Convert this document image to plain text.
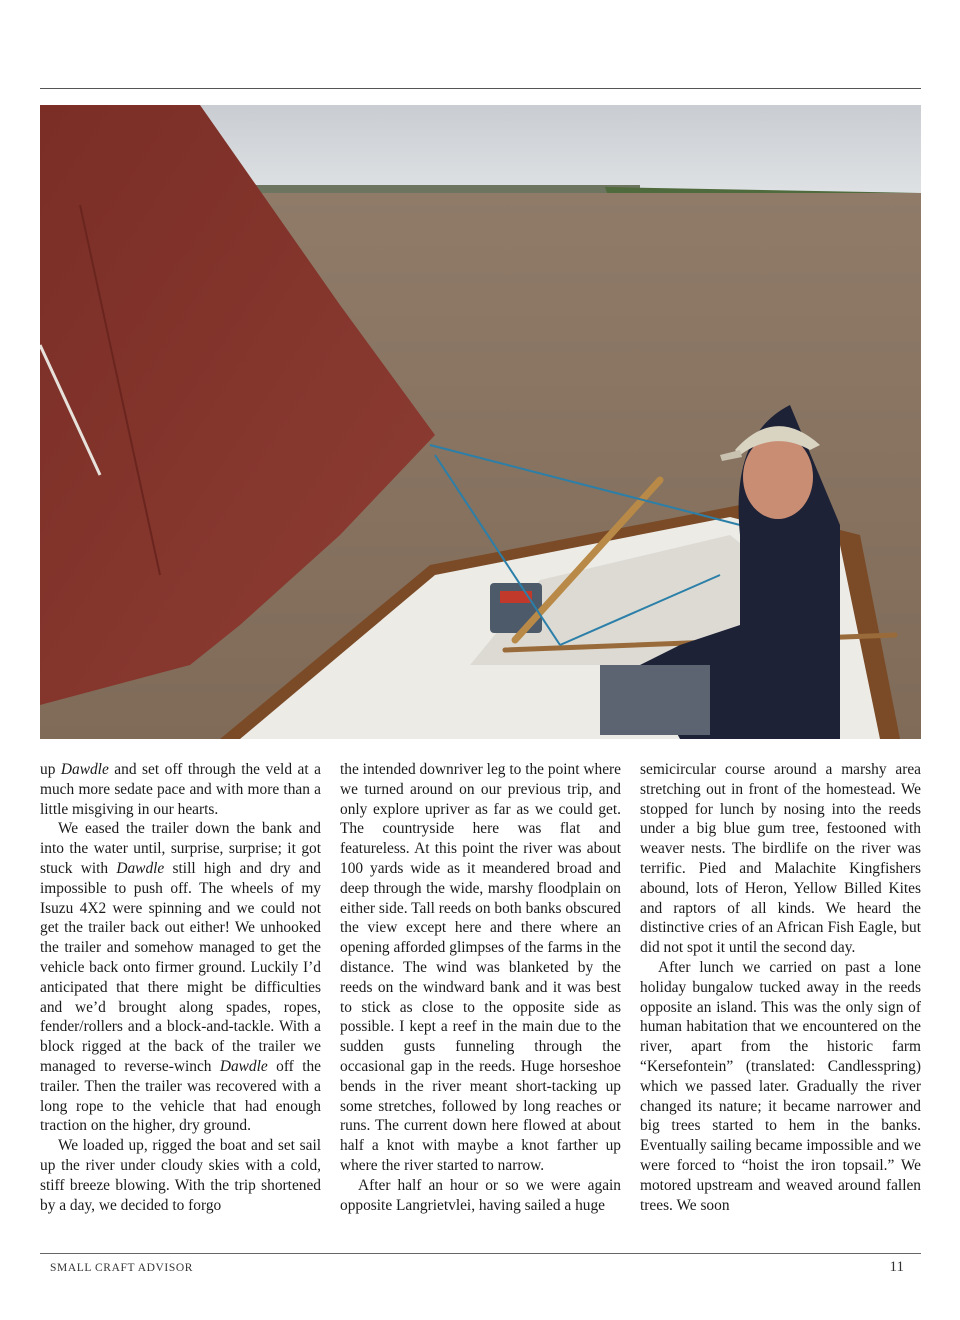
up Dawdle and set off through the veld at a much more sedate pace and with more than a little misgiving in our hearts.

We eased the trailer down the bank and into the water until, surprise, surprise; it got stuck with Dawdle still high and dry and impossible to push off. The wheels of my Isuzu 4X2 were spinning and we could not get the trailer back out either! We unhooked the trailer and somehow managed to get the vehicle back onto firmer ground. Luckily I’d anticipated that there might be difficulties and we’d brought along spades, ropes, fender/rollers and a block-and-tackle. With a block rigged at the back of the trailer we managed to reverse-winch Dawdle off the trailer. Then the trailer was recovered with a long rope to the vehicle that had enough traction on the higher, dry ground.

We loaded up, rigged the boat and set sail up the river under cloudy skies with a cold, stiff breeze blowing. With the trip shortened by a day, we decided to forgo

the intended downriver leg to the point where we turned around on our previous trip, and only explore upriver as far as we could get. The countryside here was flat and featureless. At this point the river was about 100 yards wide as it meandered broad and deep through the wide, marshy floodplain on either side. Tall reeds on both banks obscured the view except here and there where an opening afforded glimpses of the farms in the distance. The wind was blanketed by the reeds on the windward bank and it was best to stick as close to the opposite side as possible. I kept a reef in the main due to the sudden gusts funneling through the occasional gap in the reeds. Huge horseshoe bends in the river meant short-tacking up some stretches, followed by long reaches or runs. The current down here flowed at about half a knot with maybe a knot farther up where the river started to narrow.

After half an hour or so we were again opposite Langrietvlei, having sailed a huge

semicircular course around a marshy area stretching out in front of the homestead. We stopped for lunch by nosing into the reeds under a big blue gum tree, festooned with weaver nests. The birdlife on the river was terrific. Pied and Malachite Kingfishers abound, lots of Heron, Yellow Billed Kites and raptors of all kinds. We heard the distinctive cries of an African Fish Eagle, but did not spot it until the second day.

After lunch we carried on past a lone holiday bungalow tucked away in the reeds opposite an island. This was the only sign of human habitation that we encountered on the river, apart from the historic farm “Kersefontein” (translated: Candlesspring) which we passed later. Gradually the river changed its nature; it became narrower and big trees started to hem in the banks. Eventually sailing became impossible and we were forced to “hoist the iron topsail.” We motored upstream and weaved around fallen trees. We soon

SMALL CRAFT ADVISOR	11
